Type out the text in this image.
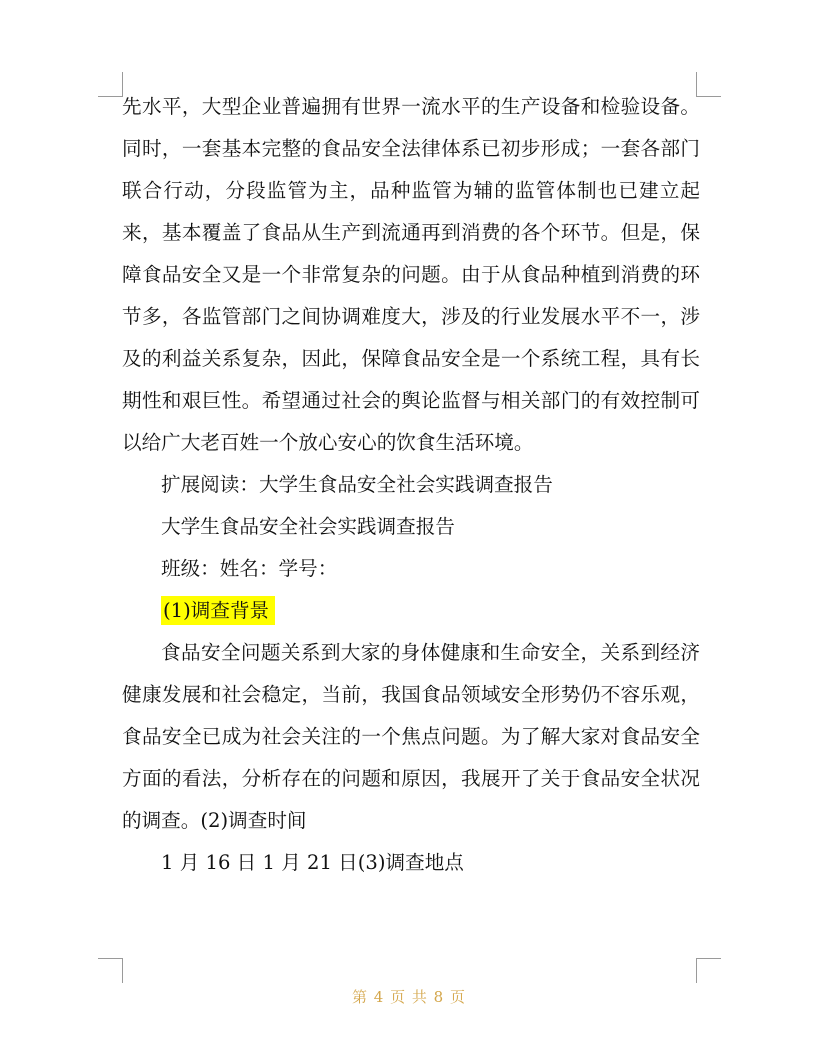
先水平，大型企业普遍拥有世界一流水平的生产设备和检验设备。同时，一套基本完整的食品安全法律体系已初步形成；一套各部门联合行动，分段监管为主，品种监管为辅的监管体制也已建立起来，基本覆盖了食品从生产到流通再到消费的各个环节。但是，保障食品安全又是一个非常复杂的问题。由于从食品种植到消费的环节多，各监管部门之间协调难度大，涉及的行业发展水平不一，涉及的利益关系复杂，因此，保障食品安全是一个系统工程，具有长期性和艰巨性。希望通过社会的舆论监督与相关部门的有效控制可以给广大老百姓一个放心安心的饮食生活环境。

扩展阅读：大学生食品安全社会实践调查报告

大学生食品安全社会实践调查报告

班级：姓名：学号：

(1)调查背景

食品安全问题关系到大家的身体健康和生命安全，关系到经济健康发展和社会稳定，当前，我国食品领域安全形势仍不容乐观，食品安全已成为社会关注的一个焦点问题。为了解大家对食品安全方面的看法，分析存在的问题和原因，我展开了关于食品安全状况的调查。(2)调查时间

1 月 16 日 1 月 21 日(3)调查地点

第 4 页 共 8 页
